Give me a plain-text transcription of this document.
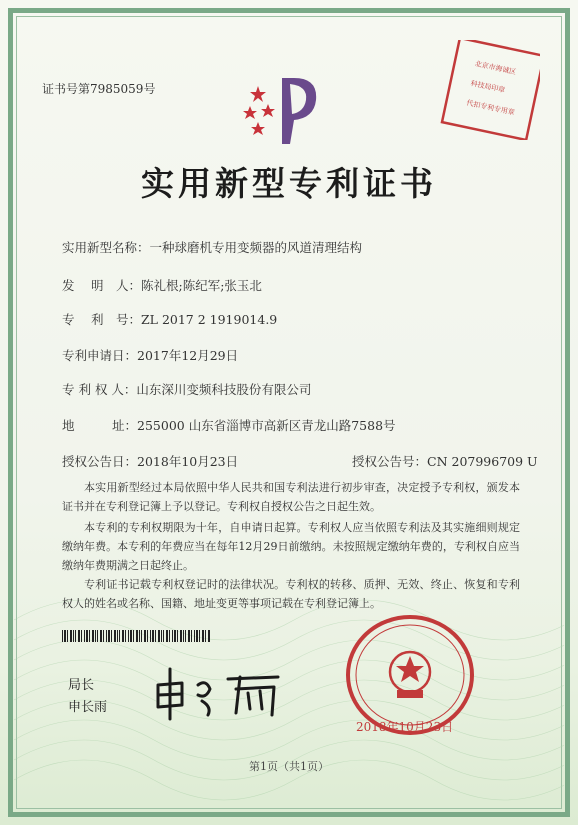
证书号第7985059号
北京市海诚区
科技局印章
代扣专利专用章
实用新型专利证书
实用新型名称：一种球磨机专用变频器的风道清理结构
发　 明　人：陈礼根;陈纪军;张玉北
专　 利　号：ZL 2017 2 1919014.9
专利申请日：2017年12月29日
专 利 权 人：山东深川变频科技股份有限公司
地　　　址：255000 山东省淄博市高新区青龙山路7588号
授权公告日：2018年10月23日	授权公告号：CN 207996709 U
本实用新型经过本局依照中华人民共和国专利法进行初步审查，决定授予专利权，颁发本证书并在专利登记簿上予以登记。专利权自授权公告之日起生效。
本专利的专利权期限为十年，自申请日起算。专利权人应当依照专利法及其实施细则规定缴纳年费。本专利的年费应当在每年12月29日前缴纳。未按照规定缴纳年费的，专利权自应当缴纳年费期满之日起终止。
专利证书记载专利权登记时的法律状况。专利权的转移、质押、无效、终止、恢复和专利权人的姓名或名称、国籍、地址变更等事项记载在专利登记簿上。
局长
申长雨
2018年10月23日
第1页（共1页）
